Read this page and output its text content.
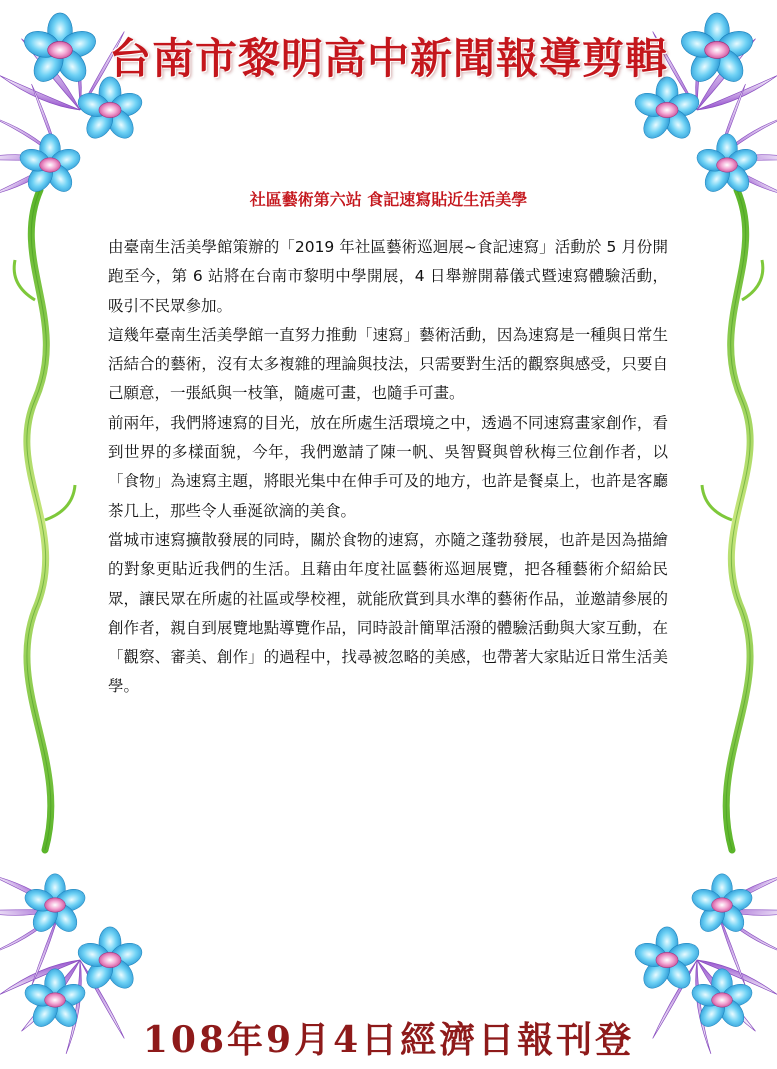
台南市黎明高中新聞報導剪輯
社區藝術第六站 食記速寫貼近生活美學

由臺南生活美學館策辦的「2019 年社區藝術巡迴展~食記速寫」活動於 5 月份開跑至今，第 6 站將在台南市黎明中學開展，4 日舉辦開幕儀式暨速寫體驗活動，吸引不民眾參加。

這幾年臺南生活美學館一直努力推動「速寫」藝術活動，因為速寫是一種與日常生活結合的藝術，沒有太多複雜的理論與技法，只需要對生活的觀察與感受，只要自己願意，一張紙與一枝筆，隨處可畫，也隨手可畫。

前兩年，我們將速寫的目光，放在所處生活環境之中，透過不同速寫畫家創作，看到世界的多樣面貌，今年，我們邀請了陳一帆、吳智賢與曾秋梅三位創作者，以「食物」為速寫主題，將眼光集中在伸手可及的地方，也許是餐桌上，也許是客廳茶几上，那些令人垂涎欲滴的美食。

當城市速寫擴散發展的同時，關於食物的速寫，亦隨之蓬勃發展，也許是因為描繪的對象更貼近我們的生活。且藉由年度社區藝術巡迴展覽，把各種藝術介紹給民眾，讓民眾在所處的社區或學校裡，就能欣賞到具水準的藝術作品，並邀請參展的創作者，親自到展覽地點導覽作品，同時設計簡單活潑的體驗活動與大家互動，在「觀察、審美、創作」的過程中，找尋被忽略的美感，也帶著大家貼近日常生活美學。

108年9月4日經濟日報刊登
